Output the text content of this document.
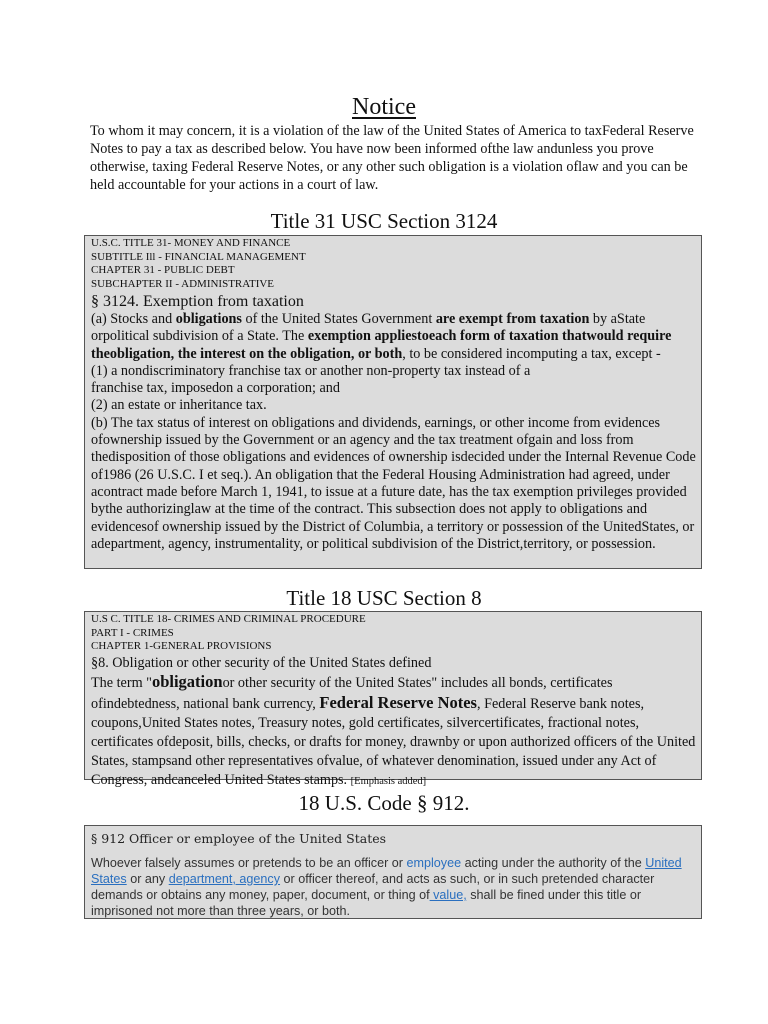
Notice

To whom it may concern, it is a violation of the law of the United States of America to taxFederal Reserve Notes to pay a tax as described below. You have now been informed ofthe law andunless you prove otherwise, taxing Federal Reserve Notes, or any other such obligation is a violation oflaw and you can be held accountable for your actions in a court of law.

Title 31 USC Section 3124

U.S.C. TITLE 31- MONEY AND FINANCE

SUBTITLE Ill - FINANCIAL MANAGEMENT

CHAPTER 31 - PUBLIC DEBT

SUBCHAPTER II - ADMINISTRATIVE

§ 3124. Exemption from taxation

(a) Stocks and obligations of the United States Government are exempt from taxation by aState orpolitical subdivision of a State. The exemption appliestoeach form of taxation thatwould require theobligation, the interest on the obligation, or both, to be considered incomputing a tax, except -

(1) a nondiscriminatory franchise tax or another non-property tax instead of a

franchise tax, imposedon a corporation; and

(2) an estate or inheritance tax.

(b) The tax status of interest on obligations and dividends, earnings, or other income from evidences ofownership issued by the Government or an agency and the tax treatment ofgain and loss from thedisposition of those obligations and evidences of ownership isdecided under the Internal Revenue Code of1986 (26 U.S.C. I et seq.). An obligation that the Federal Housing Administration had agreed, under acontract made before March 1, 1941, to issue at a future date, has the tax exemption privileges provided bythe authorizinglaw at the time of the contract. This subsection does not apply to obligations and evidencesof ownership issued by the District of Columbia, a territory or possession of the UnitedStates, or adepartment, agency, instrumentality, or political subdivision of the District,territory, or possession.

Title 18 USC Section 8

U.S C. TITLE 18- CRIMES AND CRIMINAL PROCEDURE

PART I - CRIMES

CHAPTER 1-GENERAL PROVISIONS

§8. Obligation or other security of the United States defined

The term "obligationor other security of the United States" includes all bonds, certificates ofindebtedness, national bank currency, Federal Reserve Notes, Federal Reserve bank notes, coupons,United States notes, Treasury notes, gold certificates, silvercertificates, fractional notes, certificates ofdeposit, bills, checks, or drafts for money, drawnby or upon authorized officers of the United States, stampsand other representatives ofvalue, of whatever denomination, issued under any Act of Congress, andcanceled United States stamps. [Emphasis added]

18 U.S. Code § 912.

§ 912 Officer or employee of the United States

Whoever falsely assumes or pretends to be an officer or employee acting under the authority of the United States or any department, agency or officer thereof, and acts as such, or in such pretended character demands or obtains any money, paper, document, or thing of value, shall be fined under this title or imprisoned not more than three years, or both.
